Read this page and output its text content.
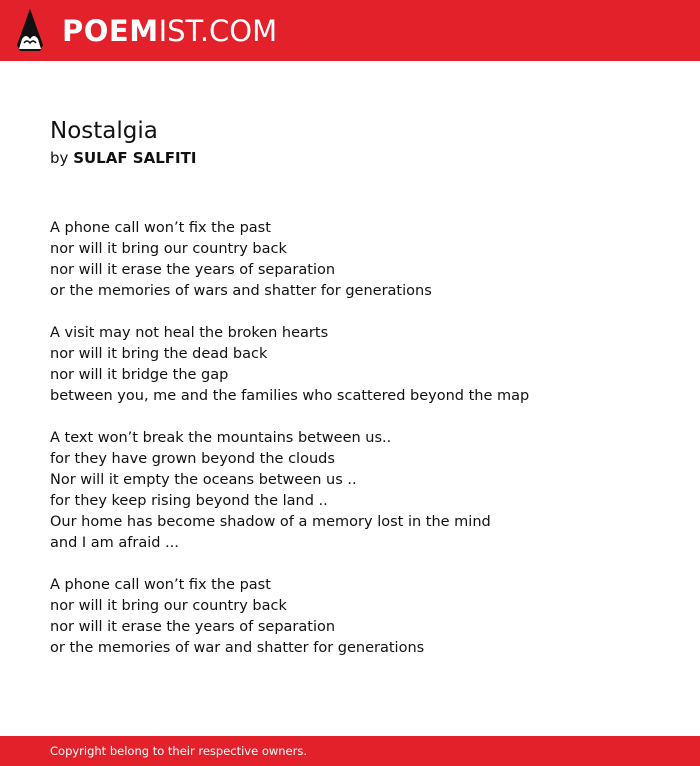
POEMIST.COM
Nostalgia
by SULAF SALFITI
A phone call won’t fix the past
nor will it bring our country back
nor will it erase the years of separation
or the memories of wars and shatter for generations
A visit may not heal the broken hearts
nor will it bring the dead back
nor will it bridge the gap
between you, me and the families who scattered beyond the map
A text won’t break the mountains between us..
for they have grown beyond the clouds
Nor will it empty the oceans between us ..
for they keep rising beyond the land ..
Our home has become shadow of a memory lost in the mind
and I am afraid ...
A phone call won’t fix the past
nor will it bring our country back
nor will it erase the years of separation
or the memories of war and shatter for generations
Copyright belong to their respective owners.
